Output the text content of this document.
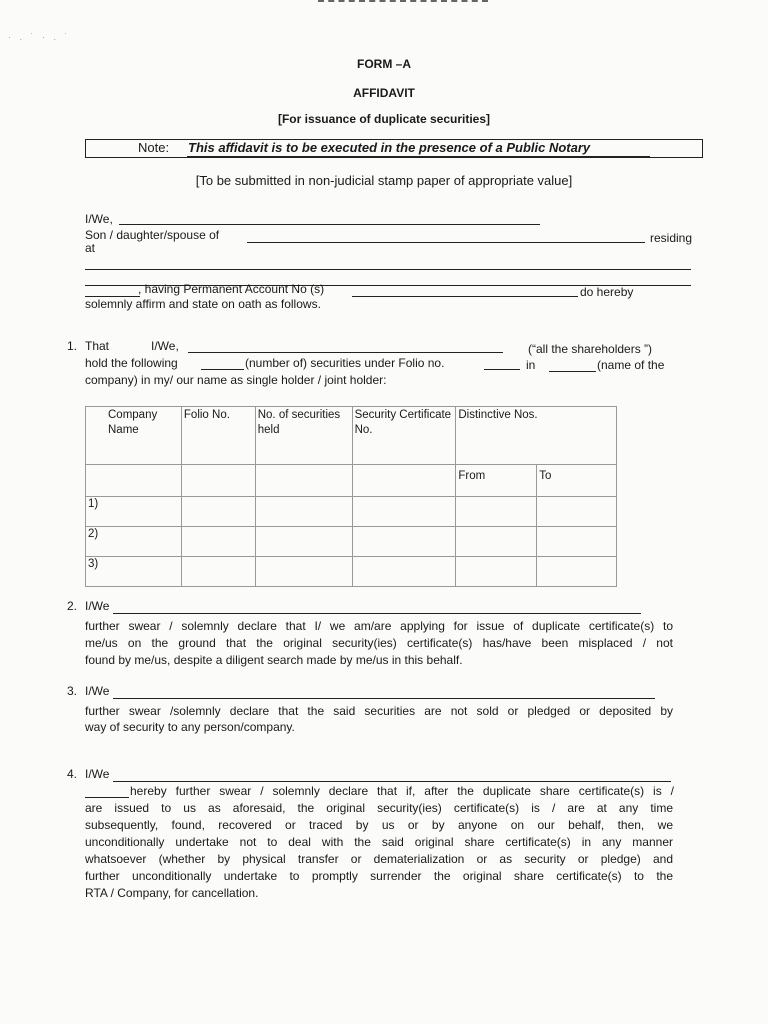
· . ˙ · . ˙
FORM –A
AFFIDAVIT
[For issuance of duplicate securities]
Note: This affidavit is to be executed in the presence of a Public Notary
[To be submitted in non-judicial stamp paper of appropriate value]
I/We,
Son / daughter/spouse of	residing
at
, having Permanent Account No (s)	do hereby
solemnly affirm and state on oath as follows.
1. That	I/We,	(“all the shareholders ”)
hold the following	(number of) securities under Folio no.	in	(name of the
company) in my/ our name as single holder / joint holder:
Company Name	Folio No.	No. of securities held	Security Certificate No.	Distinctive Nos.	
				From	To
1)					
2)					
3)					
2. I/We
further swear / solemnly declare that I/ we am/are applying for issue of duplicate certificate(s) to
me/us on the ground that the original security(ies) certificate(s) has/have been misplaced / not
found by me/us, despite a diligent search made by me/us in this behalf.
3. I/We
further swear /solemnly declare that the said securities are not sold or pledged or deposited by
way of security to any person/company.
4. I/We
hereby further swear / solemnly declare that if, after the duplicate share certificate(s) is /
are issued to us as aforesaid, the original security(ies) certificate(s) is / are at any time
subsequently, found, recovered or traced by us or by anyone on our behalf, then, we
unconditionally undertake not to deal with the said original share certificate(s) in any manner
whatsoever (whether by physical transfer or dematerialization or as security or pledge) and
further unconditionally undertake to promptly surrender the original share certificate(s) to the
RTA / Company, for cancellation.
